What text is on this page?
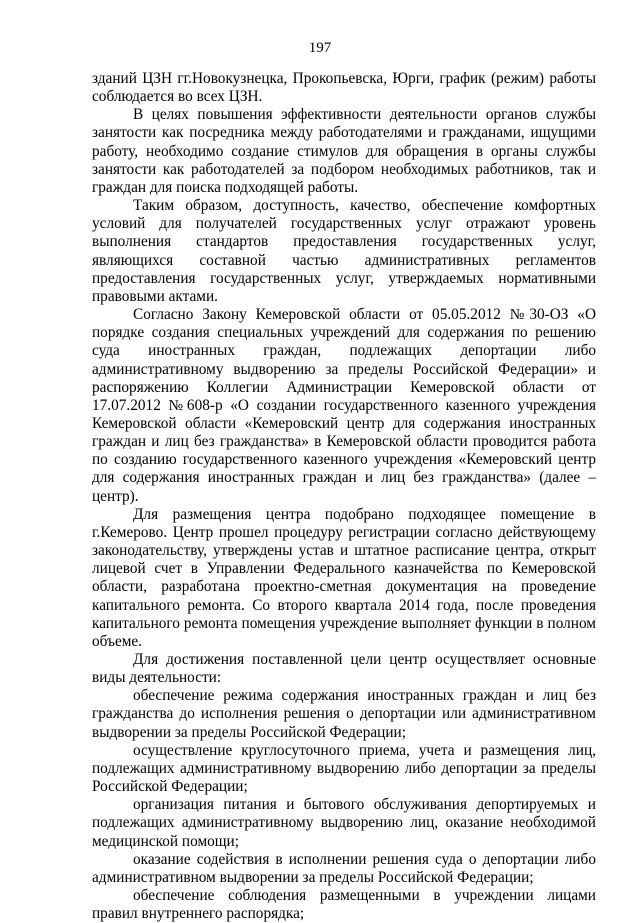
197

зданий ЦЗН гг.Новокузнецка, Прокопьевска, Юрги, график (режим) работы соблюдается во всех ЦЗН.

В целях повышения эффективности деятельности органов службы занятости как посредника между работодателями и гражданами, ищущими работу, необходимо создание стимулов для обращения в органы службы занятости как работодателей за подбором необходимых работников, так и граждан для поиска подходящей работы.

Таким образом, доступность, качество, обеспечение комфортных условий для получателей государственных услуг отражают уровень выполнения стандартов предоставления государственных услуг, являющихся составной частью административных регламентов предоставления государственных услуг, утверждаемых нормативными правовыми актами.

Согласно Закону Кемеровской области от 05.05.2012 №30-ОЗ «О порядке создания специальных учреждений для содержания по решению суда иностранных граждан, подлежащих депортации либо административному выдворению за пределы Российской Федерации» и распоряжению Коллегии Администрации Кемеровской области от 17.07.2012 №608-р «О создании государственного казенного учреждения Кемеровской области «Кемеровский центр для содержания иностранных граждан и лиц без гражданства» в Кемеровской области проводится работа по созданию государственного казенного учреждения «Кемеровский центр для содержания иностранных граждан и лиц без гражданства» (далее – центр).

Для размещения центра подобрано подходящее помещение в г.Кемерово. Центр прошел процедуру регистрации согласно действующему законодательству, утверждены устав и штатное расписание центра, открыт лицевой счет в Управлении Федерального казначейства по Кемеровской области, разработана проектно-сметная документация на проведение капитального ремонта. Со второго квартала 2014 года, после проведения капитального ремонта помещения учреждение выполняет функции в полном объеме.

Для достижения поставленной цели центр осуществляет основные виды деятельности:

обеспечение режима содержания иностранных граждан и лиц без гражданства до исполнения решения о депортации или административном выдворении за пределы Российской Федерации;

осуществление круглосуточного приема, учета и размещения лиц, подлежащих административному выдворению либо депортации за пределы Российской Федерации;

организация питания и бытового обслуживания депортируемых и подлежащих административному выдворению лиц, оказание необходимой медицинской помощи;

оказание содействия в исполнении решения суда о депортации либо административном выдворении за пределы Российской Федерации;

обеспечение соблюдения размещенными в учреждении лицами правил внутреннего распорядка;
